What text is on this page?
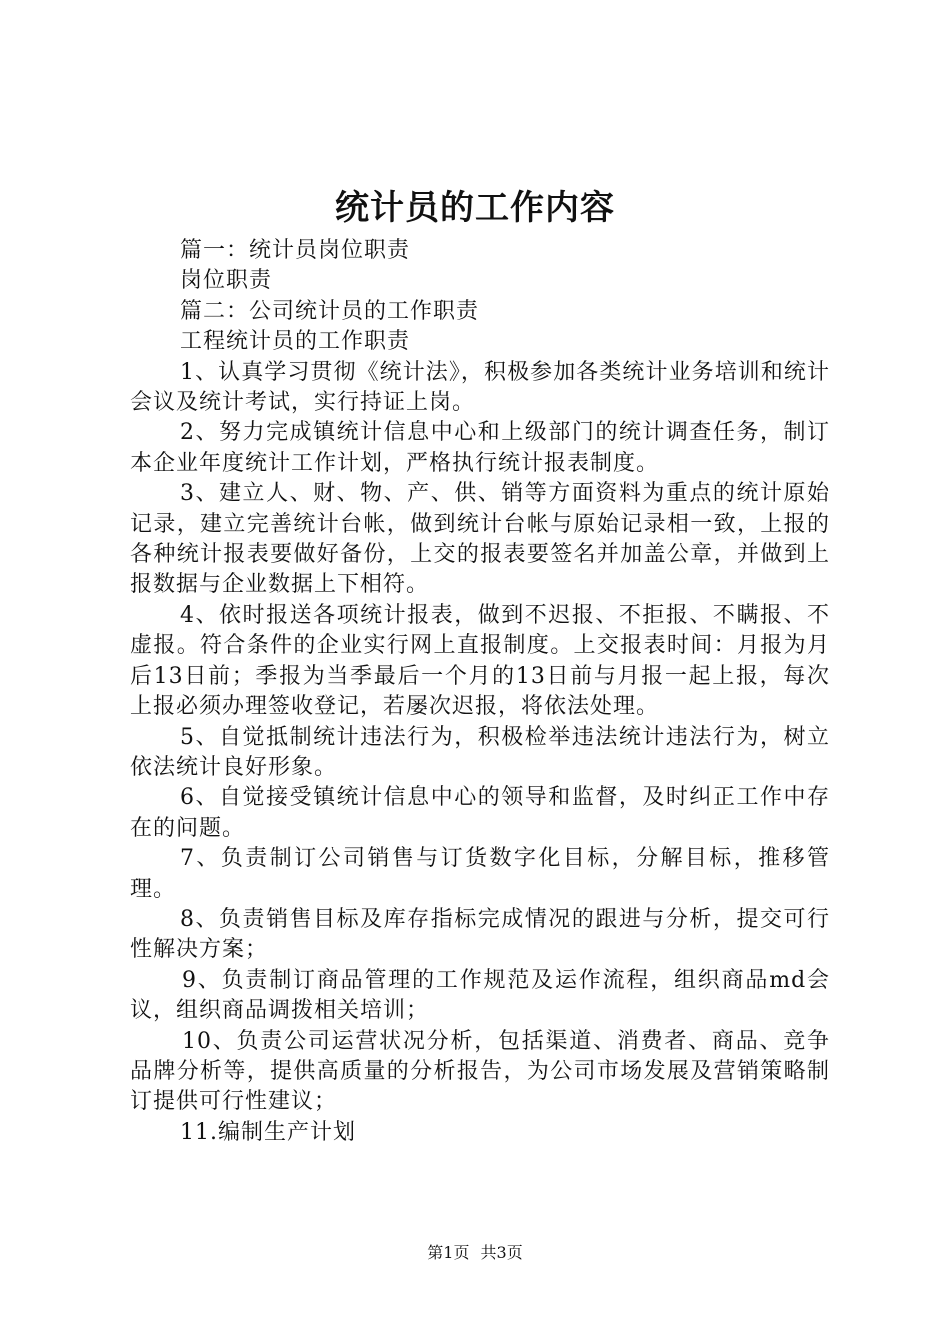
统计员的工作内容

篇一：统计员岗位职责

岗位职责

篇二：公司统计员的工作职责

工程统计员的工作职责

1、认真学习贯彻《统计法》，积极参加各类统计业务培训和统计会议及统计考试，实行持证上岗。

2、努力完成镇统计信息中心和上级部门的统计调查任务，制订本企业年度统计工作计划，严格执行统计报表制度。

3、建立人、财、物、产、供、销等方面资料为重点的统计原始记录，建立完善统计台帐，做到统计台帐与原始记录相一致，上报的各种统计报表要做好备份，上交的报表要签名并加盖公章，并做到上报数据与企业数据上下相符。

4、依时报送各项统计报表，做到不迟报、不拒报、不瞒报、不虚报。符合条件的企业实行网上直报制度。上交报表时间：月报为月后13日前；季报为当季最后一个月的13日前与月报一起上报，每次上报必须办理签收登记，若屡次迟报，将依法处理。

5、自觉抵制统计违法行为，积极检举违法统计违法行为，树立依法统计良好形象。

6、自觉接受镇统计信息中心的领导和监督，及时纠正工作中存在的问题。

7、负责制订公司销售与订货数字化目标，分解目标，推移管理。

8、负责销售目标及库存指标完成情况的跟进与分析，提交可行性解决方案；

9、负责制订商品管理的工作规范及运作流程，组织商品md会议，组织商品调拨相关培训；

10、负责公司运营状况分析，包括渠道、消费者、商品、竞争品牌分析等，提供高质量的分析报告，为公司市场发展及营销策略制订提供可行性建议；

11.编制生产计划

第1页 共3页
